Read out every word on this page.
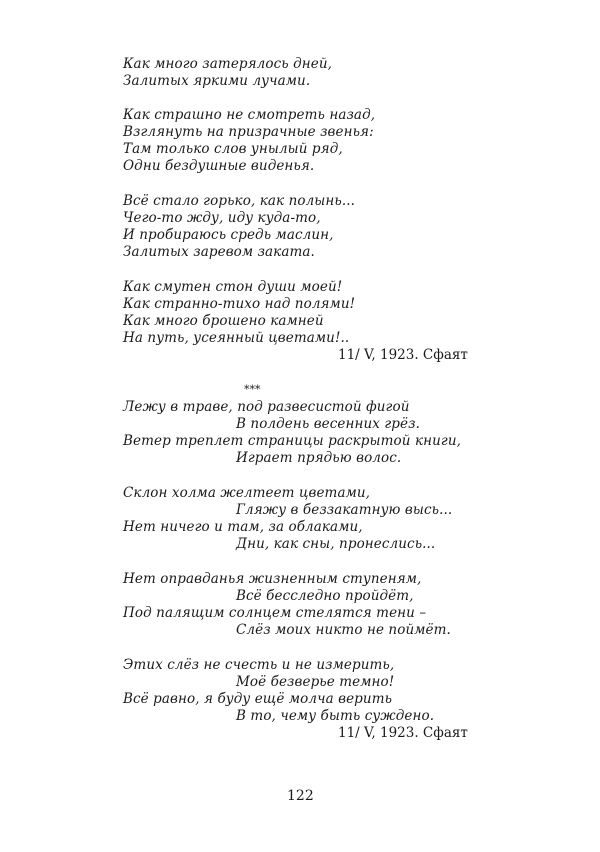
Как много затерялось дней,
Залитых яркими лучами.
Как страшно не смотреть назад,
Взглянуть на призрачные звенья:
Там только слов унылый ряд,
Одни бездушные виденья.
Всё стало горько, как полынь...
Чего-то жду, иду куда-то,
И пробираюсь средь маслин,
Залитых заревом заката.
Как смутен стон души моей!
Как странно-тихо над полями!
Как много брошено камней
На путь, усеянный цветами!..
11/ V, 1923. Сфаят
***
Лежу в траве, под развесистой фигой
В полдень весенних грёз.
Ветер треплет страницы раскрытой книги,
Играет прядью волос.
Склон холма желтеет цветами,
Гляжу в беззакатную высь...
Нет ничего и там, за облаками,
Дни, как сны, пронеслись...
Нет оправданья жизненным ступеням,
Всё бесследно пройдёт,
Под палящим солнцем стелятся тени –
Слёз моих никто не поймёт.
Этих слёз не счесть и не измерить,
Моё безверье темно!
Всё равно, я буду ещё молча верить
В то, чему быть суждено.
11/ V, 1923. Сфаят
122
